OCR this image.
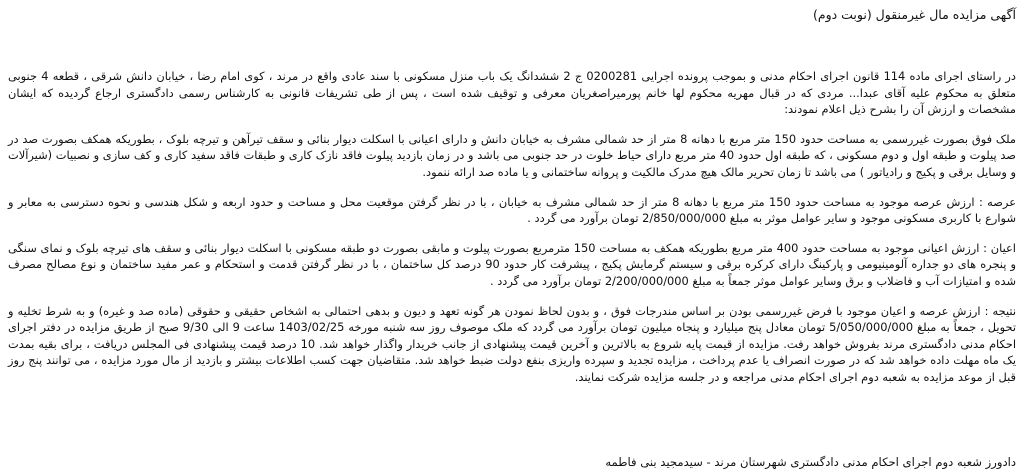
آگهی مزایده مال غیرمنقول (نوبت دوم)

در راستای اجرای ماده 114 قانون اجرای احکام مدنی و بموجب پرونده اجرایی 0200281 ج 2 ششدانگ یک باب منزل مسکونی با سند عادی واقع در مرند ، کوی امام رضا ، خیابان دانش شرقی ، قطعه 4 جنوبی متعلق به محکوم علیه آقای عبدا... مردی که در قبال مهریه محکوم لها خانم پورمیراصغریان معرفی و توقیف شده است ، پس از طی تشریفات قانونی به کارشناس رسمی دادگستری ارجاع گردیده که ایشان مشخصات و ارزش آن را بشرح ذیل اعلام نمودند:

ملک فوق بصورت غیررسمی به مساحت حدود 150 متر مربع با دهانه 8 متر از حد شمالی مشرف به خیابان دانش و دارای اعیانی با اسکلت دیوار بنائی و سقف تیرآهن و تیرچه بلوک ، بطوریکه همکف بصورت صد در صد پیلوت و طبقه اول و دوم مسکونی ، که طبقه اول حدود 40 متر مربع دارای حیاط خلوت در حد جنوبی می باشد و در زمان بازدید پیلوت فاقد نازک کاری و طبقات فاقد سفید کاری و کف سازی و نصبیات (شیرآلات و وسایل برقی و پکیج و رادیاتور ) می باشد تا زمان تحریر مالک هیچ مدرک مالکیت و پروانه ساختمانی و یا ماده صد ارائه ننمود.

عرصه : ارزش عرصه موجود به مساحت حدود 150 متر مربع با دهانه 8 متر از حد شمالی مشرف به خیابان ، با در نظر گرفتن موقعیت محل و مساحت و حدود اربعه و شکل هندسی و نحوه دسترسی به معابر و شوارع با کاربری مسکونی موجود و سایر عوامل موثر به مبلغ 2/850/000/000 تومان برآورد می گردد .

اعیان : ارزش اعیانی موجود به مساحت حدود 400 متر مربع بطوریکه همکف به مساحت 150 مترمربع بصورت پیلوت و مابقی بصورت دو طبقه مسکونی با اسکلت دیوار بنائی و سقف های تیرچه بلوک و نمای سنگی و پنجره های دو جداره آلومینیومی و پارکینگ دارای کرکره برقی و سیستم گرمایش پکیج ، پیشرفت کار حدود 90 درصد کل ساختمان ، با در نظر گرفتن قدمت و استحکام و عمر مفید ساختمان و نوع مصالح مصرف شده و امتیازات آب و فاضلاب و برق وسایر عوامل موثر جمعاً به مبلغ 2/200/000/000 تومان برآورد می گردد .

نتیجه : ارزش عرصه و اعیان موجود با فرض غیررسمی بودن بر اساس مندرجات فوق ، و بدون لحاظ نمودن هر گونه تعهد و دیون و بدهی احتمالی به اشخاص حقیقی و حقوقی (ماده صد و غیره) و به شرط تخلیه و تحویل ، جمعاً به مبلغ 5/050/000/000 تومان معادل پنج میلیارد و پنجاه میلیون تومان برآورد می گردد که ملک موصوف روز سه شنبه مورخه 1403/02/25 ساعت 9 الی 9/30 صبح از طریق مزایده در دفتر اجرای احکام مدنی دادگستری مرند بفروش خواهد رفت. مزایده از قیمت پایه شروع به بالاترین و آخرین قیمت پیشنهادی از جانب خریدار واگذار خواهد شد. 10 درصد قیمت پیشنهادی فی المجلس دریافت ، برای بقیه بمدت یک ماه مهلت داده خواهد شد که در صورت انصراف یا عدم پرداخت ، مزایده تجدید و سپرده واریزی بنفع دولت ضبط خواهد شد. متقاضیان جهت کسب اطلاعات بیشتر و بازدید از مال مورد مزایده ، می توانند پنج روز قبل از موعد مزایده به شعبه دوم اجرای احکام مدنی مراجعه و در جلسه مزایده شرکت نمایند.

دادورز شعبه دوم اجرای احکام مدنی دادگستری شهرستان مرند - سیدمجید بنی فاطمه
